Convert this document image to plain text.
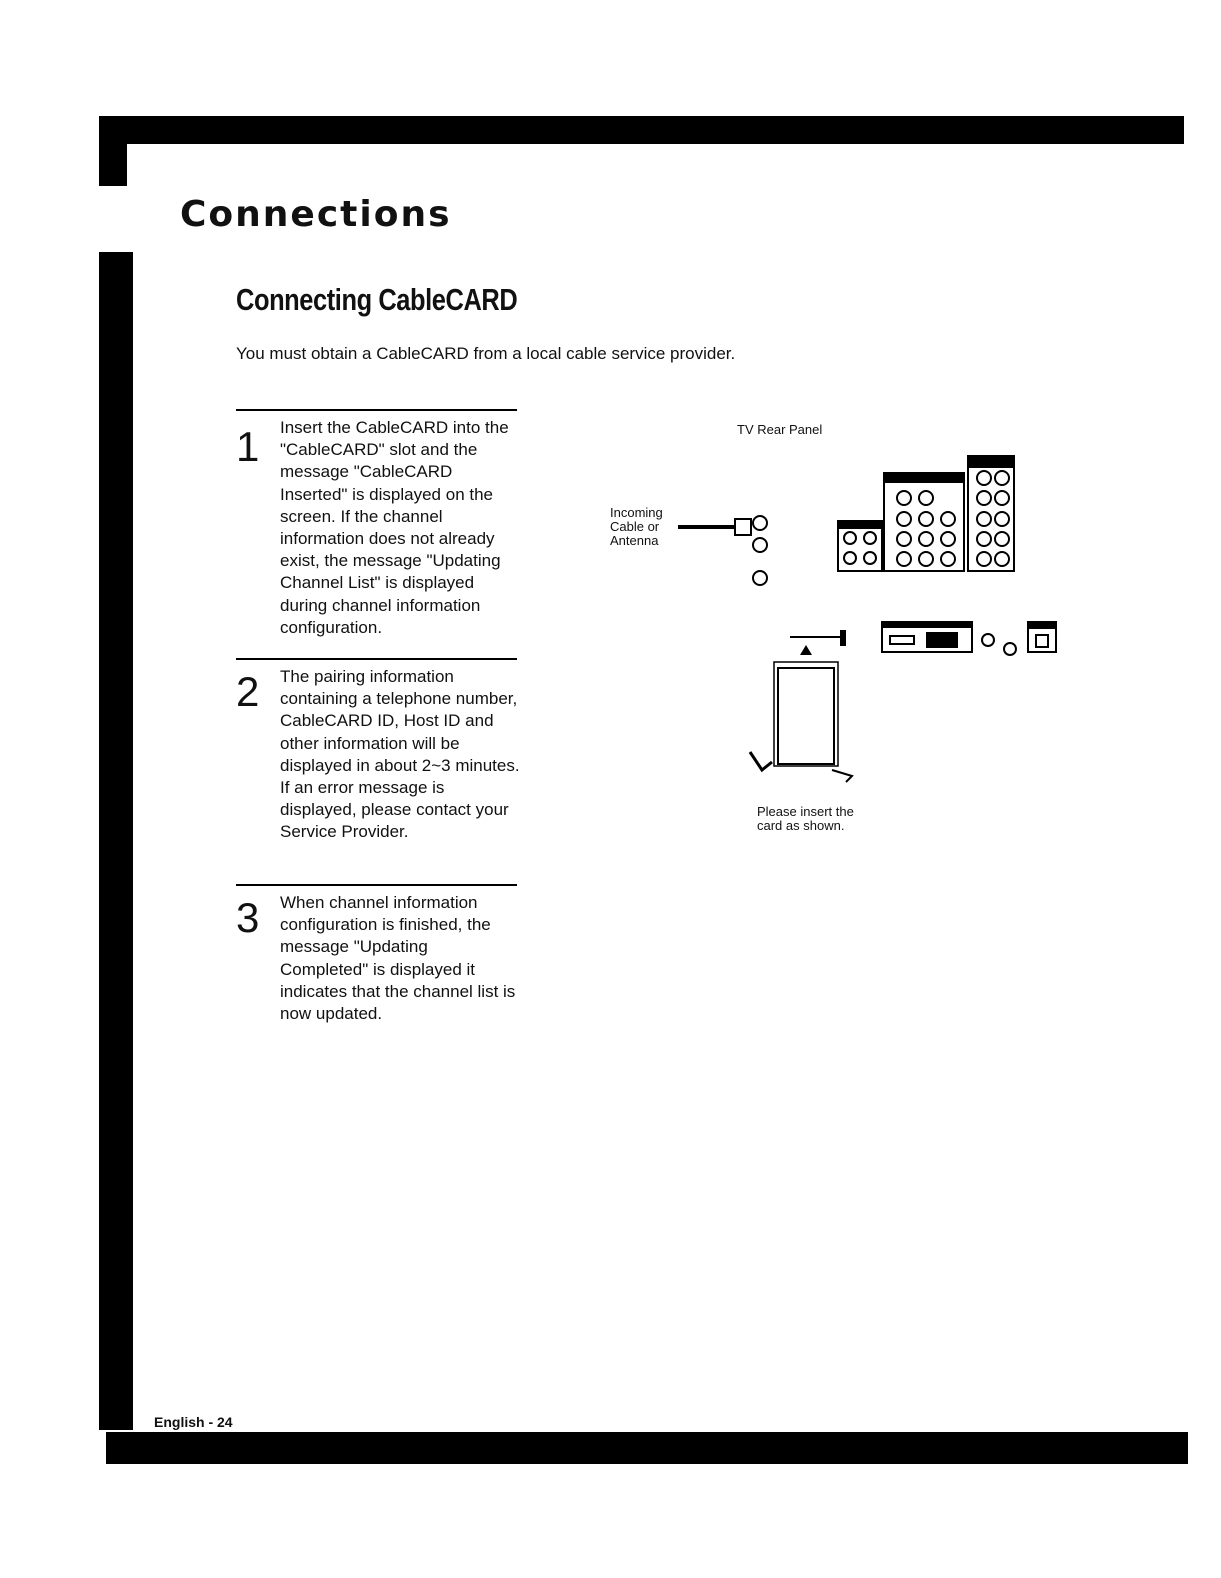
Connections
Connecting CableCARD
You must obtain a CableCARD from a local cable service provider.
1 Insert the CableCARD into the "CableCARD" slot and the message "CableCARD Inserted" is displayed on the screen. If the channel information does not already exist, the message "Updating Channel List" is displayed during channel information configuration.
2 The pairing information containing a telephone number, CableCARD ID, Host ID and other information will be displayed in about 2~3 minutes. If an error message is displayed, please contact your Service Provider.
3 When channel information configuration is finished, the message "Updating Completed" is displayed it indicates that the channel list is now updated.
TV Rear Panel
Incoming
Cable or
Antenna
Please insert the
card as shown.
English - 24
